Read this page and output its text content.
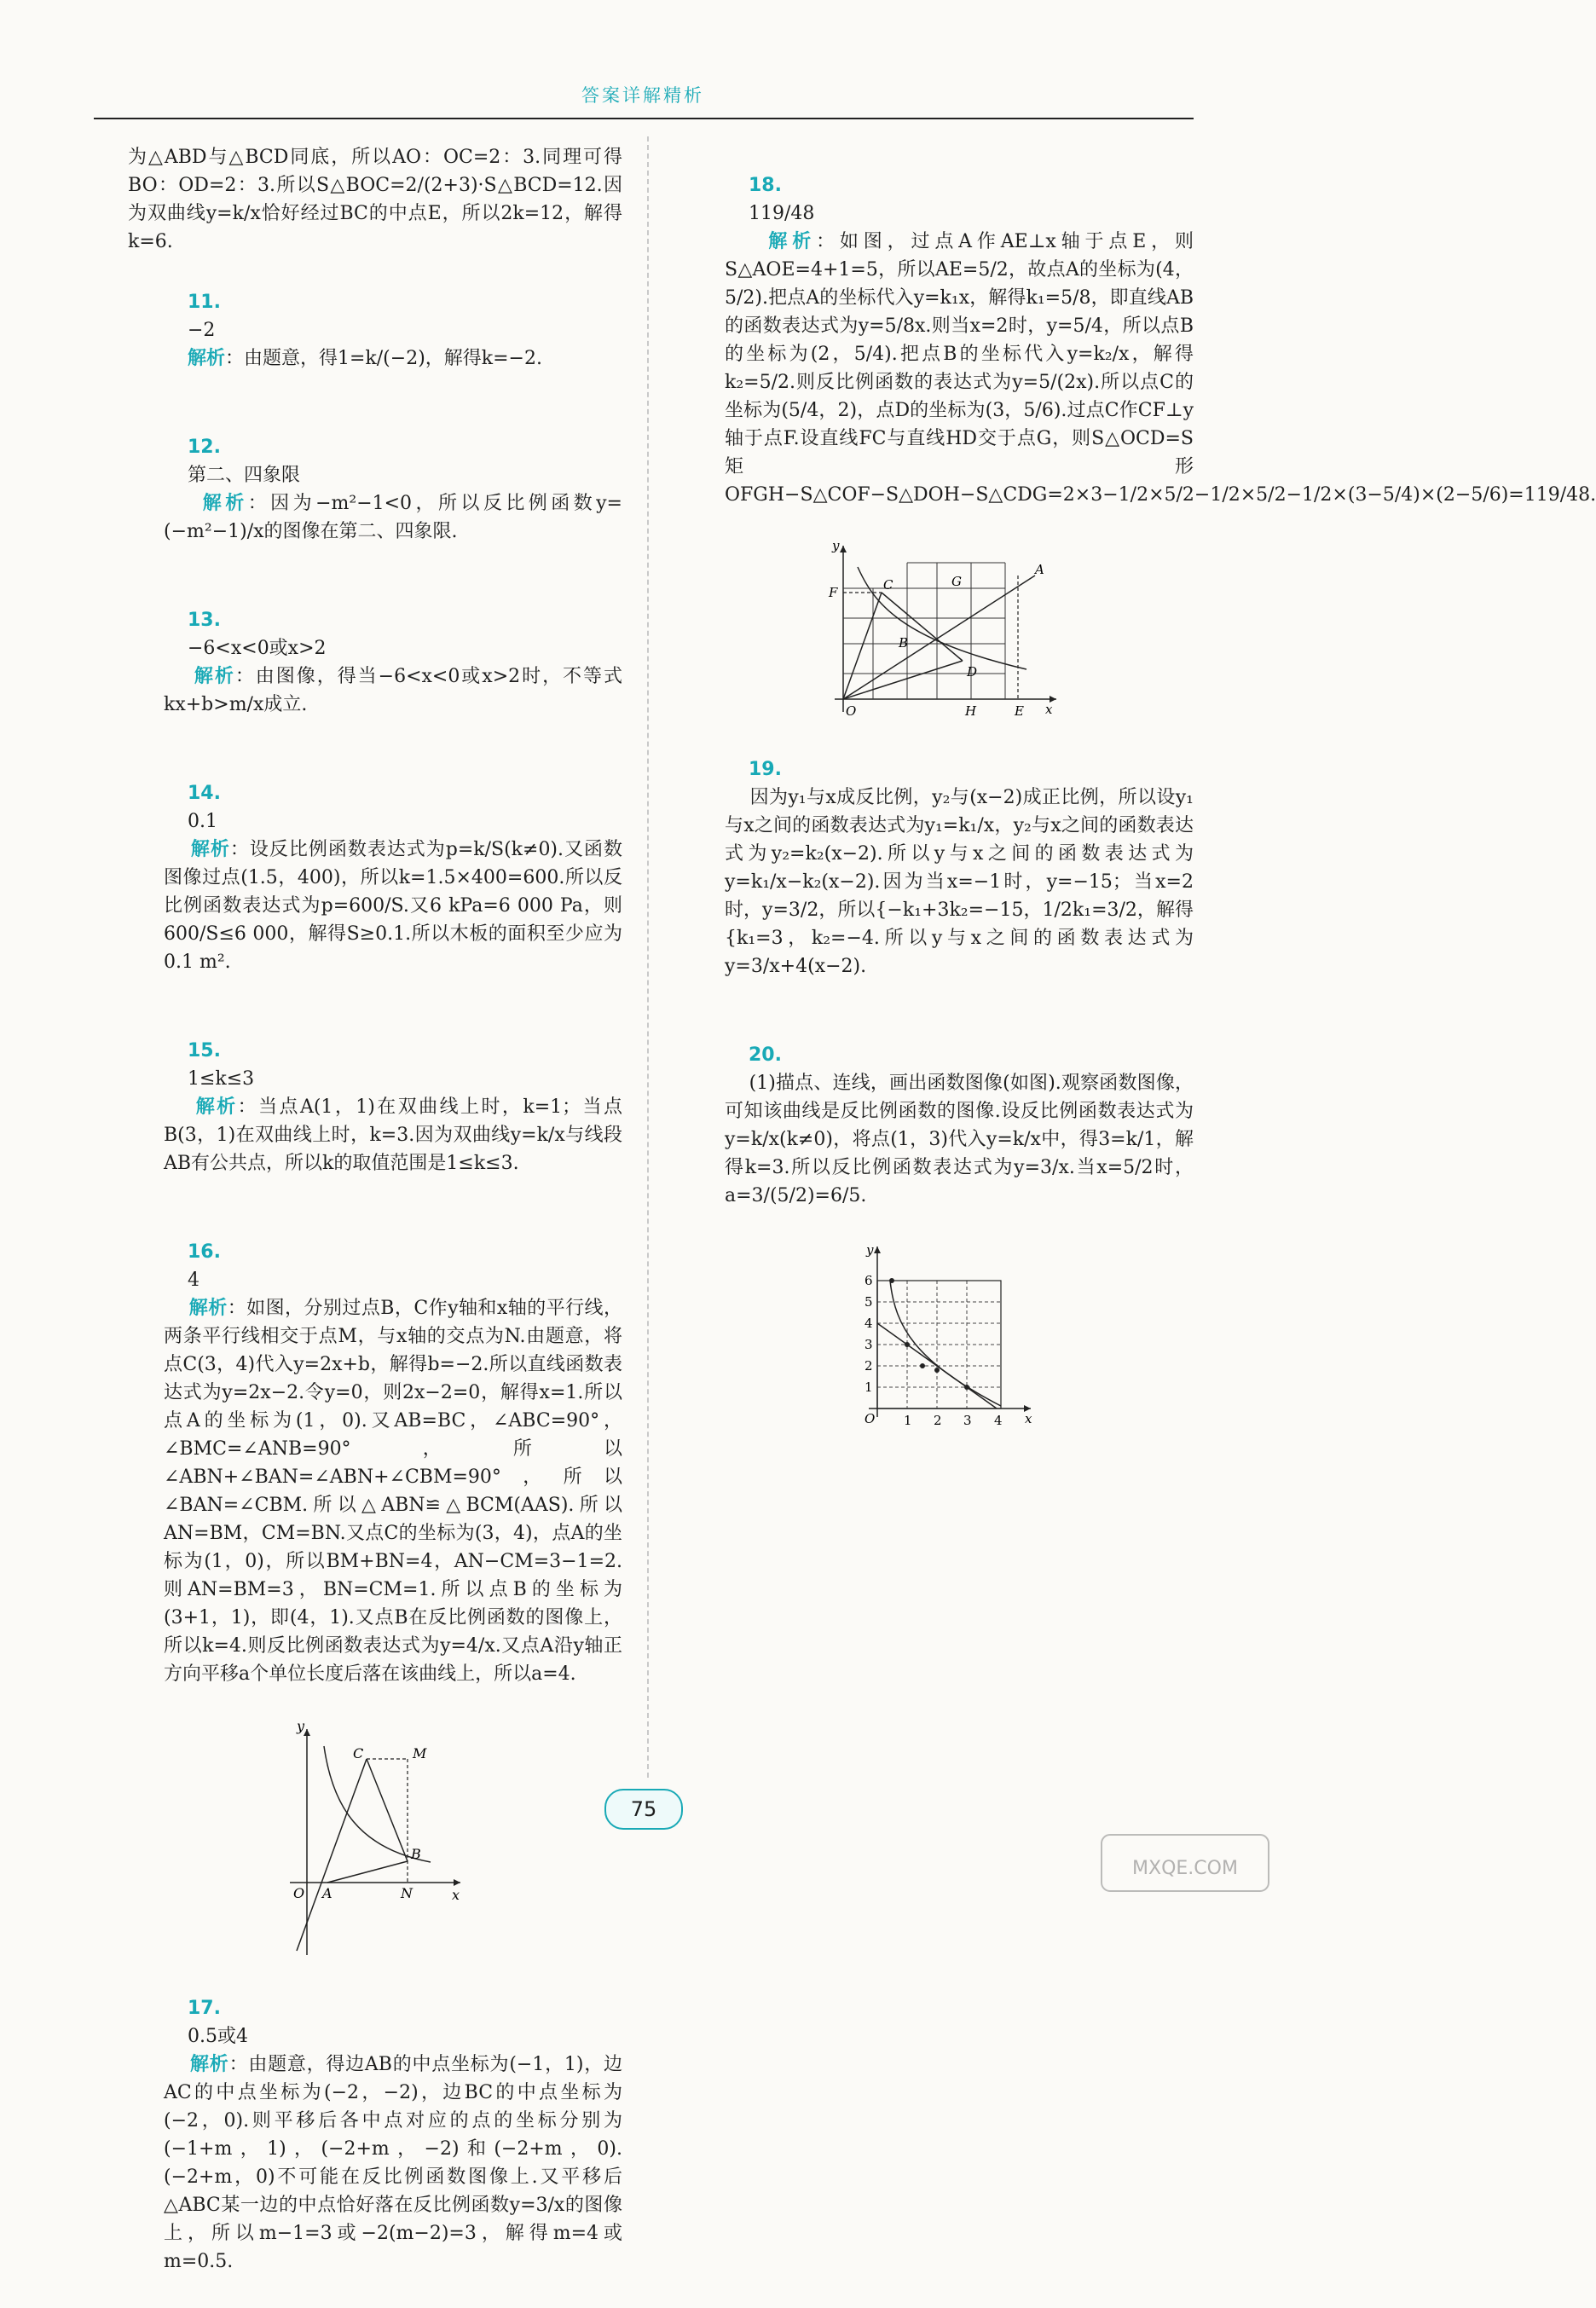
答案详解精析

为△ABD与△BCD同底，所以AO：OC=2：3.同理可得BO：OD=2：3.所以S△BOC=2/(2+3)·S△BCD=12.因为双曲线y=k/x恰好经过BC的中点E，所以2k=12，解得k=6.

11.
−2
解析：由题意，得1=k/(−2)，解得k=−2.

12.
第二、四象限
解析：因为−m²−1<0，所以反比例函数y=(−m²−1)/x的图像在第二、四象限.

13.
−6<x<0或x>2
解析：由图像，得当−6<x<0或x>2时，不等式kx+b>m/x成立.

14.
0.1
解析：设反比例函数表达式为p=k/S(k≠0).又函数图像过点(1.5，400)，所以k=1.5×400=600.所以反比例函数表达式为p=600/S.又6 kPa=6 000 Pa，则600/S≤6 000，解得S≥0.1.所以木板的面积至少应为0.1 m².

15.
1≤k≤3
解析：当点A(1，1)在双曲线上时，k=1；当点B(3，1)在双曲线上时，k=3.因为双曲线y=k/x与线段AB有公共点，所以k的取值范围是1≤k≤3.

16.
4
解析：如图，分别过点B，C作y轴和x轴的平行线，两条平行线相交于点M，与x轴的交点为N.由题意，将点C(3，4)代入y=2x+b，解得b=−2.所以直线函数表达式为y=2x−2.令y=0，则2x−2=0，解得x=1.所以点A的坐标为(1，0).又AB=BC，∠ABC=90°，∠BMC=∠ANB=90°，所以∠ABN+∠BAN=∠ABN+∠CBM=90°，所以∠BAN=∠CBM.所以△ABN≌△BCM(AAS).所以AN=BM，CM=BN.又点C的坐标为(3，4)，点A的坐标为(1，0)，所以BM+BN=4，AN−CM=3−1=2.则AN=BM=3，BN=CM=1.所以点B的坐标为(3+1，1)，即(4，1).又点B在反比例函数的图像上，所以k=4.则反比例函数表达式为y=4/x.又点A沿y轴正方向平移a个单位长度后落在该曲线上，所以a=4.

y
x
O A	N
B
C	M

17.
0.5或4
解析：由题意，得边AB的中点坐标为(−1，1)，边AC的中点坐标为(−2，−2)，边BC的中点坐标为(−2，0).则平移后各中点对应的点的坐标分别为(−1+m，1)，(−2+m，−2)和(−2+m，0).(−2+m，0)不可能在反比例函数图像上.又平移后△ABC某一边的中点恰好落在反比例函数y=3/x的图像上，所以m−1=3或−2(m−2)=3，解得m=4或m=0.5.

18.
119/48
解析：如图，过点A作AE⊥x轴于点E，则S△AOE=4+1=5，所以AE=5/2，故点A的坐标为(4，5/2).把点A的坐标代入y=k₁x，解得k₁=5/8，即直线AB的函数表达式为y=5/8x.则当x=2时，y=5/4，所以点B的坐标为(2，5/4).把点B的坐标代入y=k₂/x，解得k₂=5/2.则反比例函数的表达式为y=5/(2x).所以点C的坐标为(5/4，2)，点D的坐标为(3，5/6).过点C作CF⊥y轴于点F.设直线FC与直线HD交于点G，则S△OCD=S矩形OFGH−S△COF−S△DOH−S△CDG=2×3−1/2×5/2−1/2×5/2−1/2×(3−5/4)×(2−5/6)=119/48.

y
x
O
F	C	G
A
B
D
H	E

19.
因为y₁与x成反比例，y₂与(x−2)成正比例，所以设y₁与x之间的函数表达式为y₁=k₁/x，y₂与x之间的函数表达式为y₂=k₂(x−2).所以y与x之间的函数表达式为y=k₁/x−k₂(x−2).因为当x=−1时，y=−15；当x=2时，y=3/2，所以{−k₁+3k₂=−15，1/2k₁=3/2，解得{k₁=3，k₂=−4.所以y与x之间的函数表达式为y=3/x+4(x−2).

20.
(1)描点、连线，画出函数图像(如图).观察函数图像，可知该曲线是反比例函数的图像.设反比例函数表达式为y=k/x(k≠0)，将点(1，3)代入y=k/x中，得3=k/1，解得k=3.所以反比例函数表达式为y=3/x.当x=5/2时，a=3/(5/2)=6/5.

y
x
O 1 2 3 4
1
2
3
4
5
6
75
MXQE.COM
